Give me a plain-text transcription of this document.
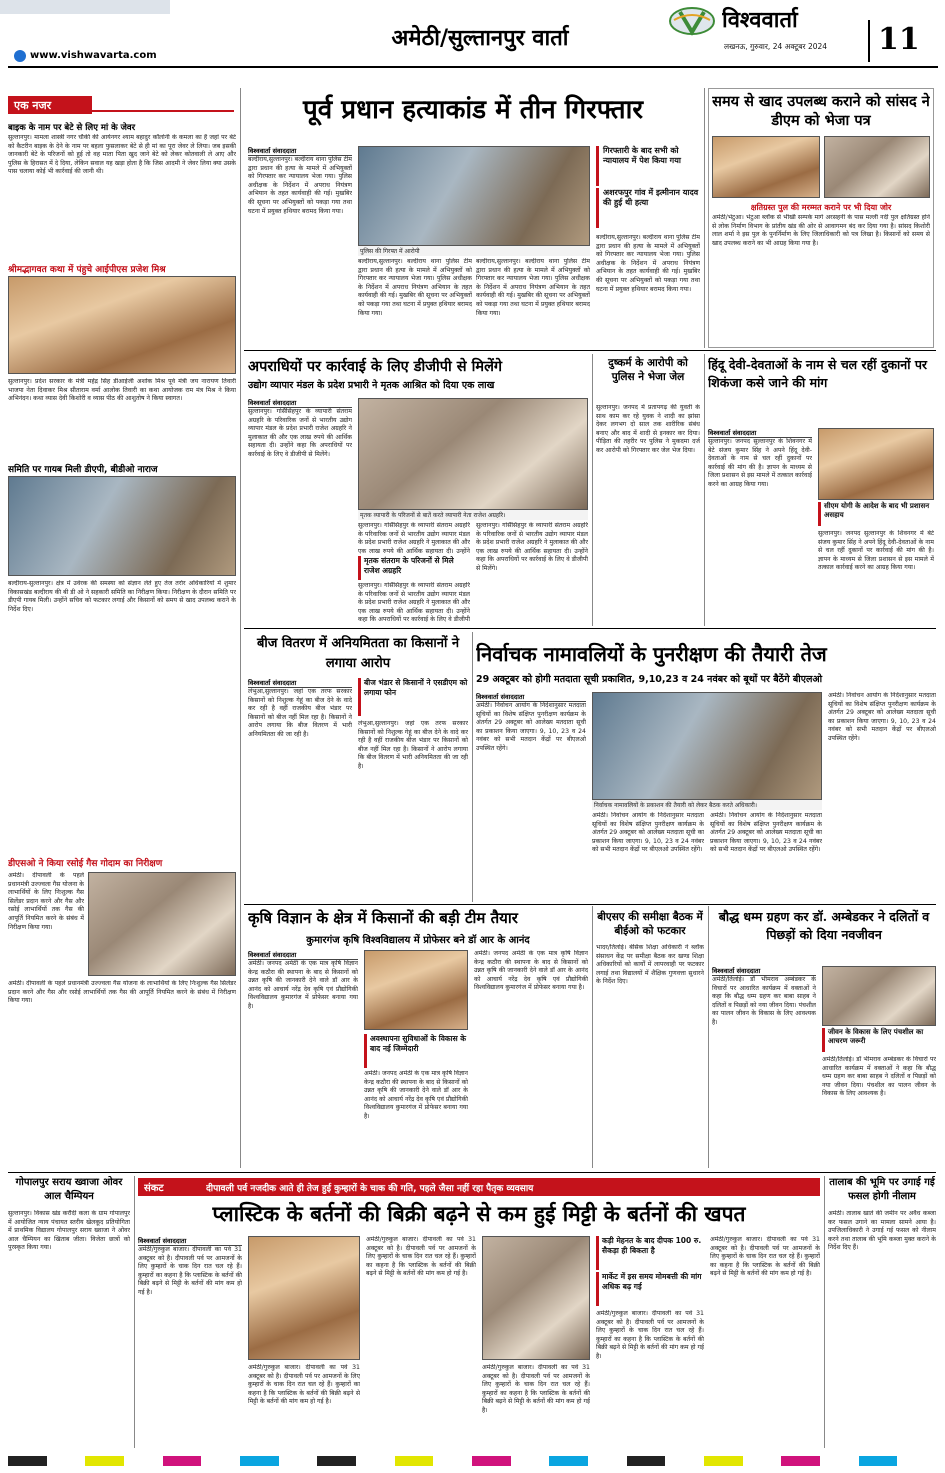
अमेठी/सुल्तानपुर वार्ता
विश्ववार्ता
लखनऊ, गुरुवार, 24 अक्टूबर 2024	11
www.vishwavarta.com
एक नजर
बाइक के नाम पर बेटे से लिए मां के जेवर
सुल्तानपुर। मामला शास्त्री नगर चौकी की आर्यनगर श्याम बहादुर कॉलोनी के कमला का है जहां पर बेटे को कैटरीन बाइक के देने के नाम पर बहला फुसलाकर बेटे से ही मां का पूरा जेवर ले लिया। जब इसकी जानकारी बेटे के परिजनों को हुई तो वह माता पिता खुद जाने बेटे को लेकर कोतवाली ले आए और पुलिस के हिरासत में दे दिया, लेकिन सवाल यह खड़ा होता है कि जिस आदमी ने जेवर लिया क्या उसके पास चलाया कोई भी कार्रवाई की जानी थी।
श्रीमद्भागवत कथा में पंहुचे आईपीएस प्रजेश मिश्र
सुल्तानपुर। प्रदेश सरकार के मंत्री महेंद्र सिंह डीआईजी अशोक मिश्र पूर्व मंत्री जय नारायण तिवारी भाजपा नेता दिवाकर मिश्र सीताराम वर्मा आलोक तिवारी का कथा आयोजक राम मंत्र मिश्र ने किया अभिनंदन। कथा व्यास देवी किशोरी व व्यास पीठ की आशुतोष ने किया स्वागत।
समिति पर गायब मिली डीएपी, बीडीओ नाराज
बल्दीराय-सुल्तानपुर। क्षेत्र में उर्वरक की समस्या को संज्ञान लेते हुए तेज तर्रार अधिकारियों में शुमार विकासखंड बल्दीराय की बी डी ओ ने सहकारी समिति का निरीक्षण किया। निरीक्षण के दौरान समिति पर डीएपी गायब मिली। उन्होंने सचिव को फटकार लगाई और किसानों को समय से खाद उपलब्ध कराने के निर्देश दिए।
डीएसओ ने किया रसोई गैस गोदाम का निरीक्षण
अमेठी। दीपावली के पहले प्रधानमंत्री उज्ज्वला गैस योजना के लाभार्थियों के लिए निःशुल्क गैस सिलेंडर प्रदान करने और गैस और रसोई लाभार्थियों तक गैस की आपूर्ति नियमित करने के संबंध में निरीक्षण किया गया।
अमेठी। दीपावली के पहले प्रधानमंत्री उज्ज्वला गैस योजना के लाभार्थियों के लिए निःशुल्क गैस सिलेंडर प्रदान करने और गैस और रसोई लाभार्थियों तक गैस की आपूर्ति नियमित करने के संबंध में निरीक्षण किया गया।
पूर्व प्रधान हत्याकांड में तीन गिरफ्तार
विश्ववार्ता संवाददाता
बल्दीराय,सुल्तानपुर। बल्दीराय थाना पुलिस टीम द्वारा प्रधान की हत्या के मामले में अभियुक्तों को गिरफ्तार कर न्यायालय भेजा गया। पुलिस अधीक्षक के निर्देशन में अपराध नियंत्रण अभियान के तहत कार्यवाही की गई। मुखबिर की सूचना पर अभियुक्तों को पकड़ा गया तथा घटना में प्रयुक्त हथियार बरामद किया गया।
पुलिस की गिरफ्त में आरोपी
बल्दीराय,सुल्तानपुर। बल्दीराय थाना पुलिस टीम द्वारा प्रधान की हत्या के मामले में अभियुक्तों को गिरफ्तार कर न्यायालय भेजा गया। पुलिस अधीक्षक के निर्देशन में अपराध नियंत्रण अभियान के तहत कार्यवाही की गई। मुखबिर की सूचना पर अभियुक्तों को पकड़ा गया तथा घटना में प्रयुक्त हथियार बरामद किया गया।
बल्दीराय,सुल्तानपुर। बल्दीराय थाना पुलिस टीम द्वारा प्रधान की हत्या के मामले में अभियुक्तों को गिरफ्तार कर न्यायालय भेजा गया। पुलिस अधीक्षक के निर्देशन में अपराध नियंत्रण अभियान के तहत कार्यवाही की गई। मुखबिर की सूचना पर अभियुक्तों को पकड़ा गया तथा घटना में प्रयुक्त हथियार बरामद किया गया।
गिरफ्तारी के बाद सभी को न्यायालय में पेश किया गया
अशरफपुर गांव में इत्मीनान यादव की हुई थी हत्या
बल्दीराय,सुल्तानपुर। बल्दीराय थाना पुलिस टीम द्वारा प्रधान की हत्या के मामले में अभियुक्तों को गिरफ्तार कर न्यायालय भेजा गया। पुलिस अधीक्षक के निर्देशन में अपराध नियंत्रण अभियान के तहत कार्यवाही की गई। मुखबिर की सूचना पर अभियुक्तों को पकड़ा गया तथा घटना में प्रयुक्त हथियार बरामद किया गया।
समय से खाद उपलब्ध कराने को सांसद ने डीएम को भेजा पत्र
क्षतिग्रस्त पुल की मरम्मत कराने पर भी दिया जोर
अमेठी/भेटुआ। भेटुआ ब्लॉक से भीखी सम्पर्क मार्ग अरसहनी के पास मल्ली नदी पुल क्षतिग्रस्त होने से लोक निर्माण विभाग के प्रांतीय खंड की ओर से आवागमन बंद कर दिया गया है। सांसद किशोरी लाल शर्मा ने इस पुल के पुनर्निर्माण के लिए जिलाधिकारी को पत्र लिखा है। किसानों को समय से खाद उपलब्ध कराने का भी आग्रह किया गया है।
अपराधियों पर कार्रवाई के लिए डीजीपी से मिलेंगे
उद्योग व्यापार मंडल के प्रदेश प्रभारी ने मृतक आश्रित को दिया एक लाख
विश्ववार्ता संवाददाता
सुल्तानपुर। गोसैंसिंहपुर के व्यापारी संतराम अग्रहरि के परिवारिक जनों से भारतीय उद्योग व्यापार मंडल के प्रदेश प्रभारी राजेश अग्रहरि ने मुलाकात की और एक लाख रुपये की आर्थिक सहायता दी। उन्होंने कहा कि अपराधियों पर कार्रवाई के लिए वे डीजीपी से मिलेंगे।
मृतक व्यापारी के परिजनों से बातें करते व्यापारी नेता राजेश अग्रहरि।
सुल्तानपुर। गोसैंसिंहपुर के व्यापारी संतराम अग्रहरि के परिवारिक जनों से भारतीय उद्योग व्यापार मंडल के प्रदेश प्रभारी राजेश अग्रहरि ने मुलाकात की और एक लाख रुपये की आर्थिक सहायता दी। उन्होंने
मृतक संतराम के परिजनों से मिले राजेश अग्रहरि
सुल्तानपुर। गोसैंसिंहपुर के व्यापारी संतराम अग्रहरि के परिवारिक जनों से भारतीय उद्योग व्यापार मंडल के प्रदेश प्रभारी राजेश अग्रहरि ने मुलाकात की और एक लाख रुपये की आर्थिक सहायता दी। उन्होंने कहा कि अपराधियों पर कार्रवाई के लिए वे डीजीपी
सुल्तानपुर। गोसैंसिंहपुर के व्यापारी संतराम अग्रहरि के परिवारिक जनों से भारतीय उद्योग व्यापार मंडल के प्रदेश प्रभारी राजेश अग्रहरि ने मुलाकात की और एक लाख रुपये की आर्थिक सहायता दी। उन्होंने कहा कि अपराधियों पर कार्रवाई के लिए वे डीजीपी से मिलेंगे।
दुष्कर्म के आरोपी को पुलिस ने भेजा जेल
सुल्तानपुर। जनपद में प्रतापगढ़ की युवती के साथ काम कर रहे युवक ने शादी का झांसा देकर लगभग दो साल तक शारीरिक संबंध बनाए और बाद में शादी से इनकार कर दिया। पीड़िता की तहरीर पर पुलिस ने मुकदमा दर्ज कर आरोपी को गिरफ्तार कर जेल भेज दिया।
हिंदू देवी-देवताओं के नाम से चल रहीं दुकानों पर शिकंजा कसे जाने की मांग
विश्ववार्ता संवाददाता
सुल्तानपुर। जनपद सुल्तानपुर के शिवनगर में बेटे संजय कुमार सिंह ने अपने हिंदू देवी-देवताओं के नाम से चल रहीं दुकानों पर कार्रवाई की मांग की है। ज्ञापन के माध्यम से जिला प्रशासन से इस मामले में तत्काल कार्रवाई करने का आग्रह किया गया।
सीएम योगी के आदेश के बाद भी प्रशासन असहाय
सुल्तानपुर। जनपद सुल्तानपुर के शिवनगर में बेटे संजय कुमार सिंह ने अपने हिंदू देवी-देवताओं के नाम से चल रहीं दुकानों पर कार्रवाई की मांग की है। ज्ञापन के माध्यम से जिला प्रशासन से इस मामले में तत्काल कार्रवाई करने का आग्रह किया गया।
बीज वितरण में अनियमितता का किसानों ने लगाया आरोप
विश्ववार्ता संवाददाता
लंभुआ,सुल्तानपुर। जहां एक तरफ सरकार किसानों को निशुल्क गेहूं का बीज देने के वादे कर रही है वहीं राजकीय बीज भंडार पर किसानों को बीज नहीं मिल रहा है। किसानों ने आरोप लगाया कि बीज वितरण में भारी अनियमितता की जा रही है।
बीज भंडार से किसानों ने एसडीएम को लगाया फोन
लंभुआ,सुल्तानपुर। जहां एक तरफ सरकार किसानों को निशुल्क गेहूं का बीज देने के वादे कर रही है वहीं राजकीय बीज भंडार पर किसानों को बीज नहीं मिल रहा है। किसानों ने आरोप लगाया कि बीज वितरण में भारी अनियमितता की जा रही है।
निर्वाचक नामावलियों के पुनरीक्षण की तैयारी तेज
29 अक्टूबर को होगी मतदाता सूची प्रकाशित, 9,10,23 व 24 नवंबर को बूथों पर बैठेंगे बीएलओ
विश्ववार्ता संवाददाता
अमेठी। निर्वाचन आयोग के निर्देशानुसार मतदाता सूचियों का विशेष संक्षिप्त पुनरीक्षण कार्यक्रम के अंतर्गत 29 अक्टूबर को आलेख्य मतदाता सूची का प्रकाशन किया जाएगा। 9, 10, 23 व 24 नवंबर को सभी मतदान केंद्रों पर बीएलओ उपस्थित रहेंगे।
निर्वाचक नामावलियों के प्रकाशन की तैयारी को लेकर बैठक करते अधिकारी।
अमेठी। निर्वाचन आयोग के निर्देशानुसार मतदाता सूचियों का विशेष संक्षिप्त पुनरीक्षण कार्यक्रम के अंतर्गत 29 अक्टूबर को आलेख्य मतदाता सूची का प्रकाशन किया जाएगा। 9, 10, 23 व 24 नवंबर को सभी मतदान केंद्रों पर बीएलओ उपस्थित रहेंगे।
अमेठी। निर्वाचन आयोग के निर्देशानुसार मतदाता सूचियों का विशेष संक्षिप्त पुनरीक्षण कार्यक्रम के अंतर्गत 29 अक्टूबर को आलेख्य मतदाता सूची का प्रकाशन किया जाएगा। 9, 10, 23 व 24 नवंबर को सभी मतदान केंद्रों पर बीएलओ उपस्थित रहेंगे।
अमेठी। निर्वाचन आयोग के निर्देशानुसार मतदाता सूचियों का विशेष संक्षिप्त पुनरीक्षण कार्यक्रम के अंतर्गत 29 अक्टूबर को आलेख्य मतदाता सूची का प्रकाशन किया जाएगा। 9, 10, 23 व 24 नवंबर को सभी मतदान केंद्रों पर बीएलओ उपस्थित रहेंगे।
कृषि विज्ञान के क्षेत्र में किसानों की बड़ी टीम तैयार
कुमारगंज कृषि विश्वविद्यालय में प्रोफेसर बने डॉ आर के आनंद
विश्ववार्ता संवाददाता
अमेठी। जनपद अमेठी के एक मात्र कृषि विज्ञान केन्द्र कठौरा की स्थापना के बाद से किसानों को उन्नत कृषि की जानकारी देने वाले डॉ आर के आनंद को आचार्य नरेंद्र देव कृषि एवं प्रौद्योगिकी विश्वविद्यालय कुमारगंज में प्रोफेसर बनाया गया है।
अवस्थापना सुविधाओं के विकास के बाद नई जिम्मेदारी
अमेठी। जनपद अमेठी के एक मात्र कृषि विज्ञान केन्द्र कठौरा की स्थापना के बाद से किसानों को उन्नत कृषि की जानकारी देने वाले डॉ आर के आनंद को आचार्य नरेंद्र देव कृषि एवं प्रौद्योगिकी विश्वविद्यालय कुमारगंज में प्रोफेसर बनाया गया है।
अमेठी। जनपद अमेठी के एक मात्र कृषि विज्ञान केन्द्र कठौरा की स्थापना के बाद से किसानों को उन्नत कृषि की जानकारी देने वाले डॉ आर के आनंद को आचार्य नरेंद्र देव कृषि एवं प्रौद्योगिकी विश्वविद्यालय कुमारगंज में प्रोफेसर बनाया गया है।
बीएसए की समीक्षा बैठक में बीईओ को फटकार
भादर/तिलोई। बेसिक शिक्षा अधिकारी ने ब्लॉक संसाधन केंद्र पर समीक्षा बैठक कर खण्ड शिक्षा अधिकारियों को कार्यों में लापरवाही पर फटकार लगाई तथा विद्यालयों में शैक्षिक गुणवत्ता सुधारने के निर्देश दिए।
बौद्ध धम्म ग्रहण कर डॉ. अम्बेडकर ने दलितों व पिछड़ों को दिया नवजीवन
विश्ववार्ता संवाददाता
अमेठी/तिलोई। डॉ भीमराव अम्बेडकर के विचारों पर आधारित कार्यक्रम में वक्ताओं ने कहा कि बौद्ध धम्म ग्रहण कर बाबा साहब ने दलितों व पिछड़ों को नया जीवन दिया। पंचशील का पालन जीवन के विकास के लिए आवश्यक है।
जीवन के विकास के लिए पंचशील का आचरण जरूरी
अमेठी/तिलोई। डॉ भीमराव अम्बेडकर के विचारों पर आधारित कार्यक्रम में वक्ताओं ने कहा कि बौद्ध धम्म ग्रहण कर बाबा साहब ने दलितों व पिछड़ों को नया जीवन दिया। पंचशील का पालन जीवन के विकास के लिए आवश्यक है।
गोपालपुर सराय ख्वाजा ओवर आल चैम्पियन
सुल्तानपुर। विकास खंड करौंदी कला के ग्राम गोपालपुर में आयोजित न्याय पंचायत स्तरीय खेलकूद प्रतियोगिता में प्राथमिक विद्यालय गोपालपुर सराय ख्वाजा ने ओवर आल चैम्पियन का खिताब जीता। विजेता छात्रों को पुरस्कृत किया गया।
संकट	दीपावली पर्व नजदीक आते ही तेज हुई कुम्हारों के चाक की गति, पहले जैसा नहीं रहा पैतृक व्यवसाय
प्लास्टिक के बर्तनों की बिक्री बढ़ने से कम हुई मिट्टी के बर्तनों की खपत
विश्ववार्ता संवाददाता
अमेठी/गुरुकुल बाजार। दीपावली का पर्व 31 अक्टूबर को है। दीपावली पर्व पर आमजनों के लिए कुम्हारों के चाक दिन रात चल रहे हैं। कुम्हारों का कहना है कि प्लास्टिक के बर्तनों की बिक्री बढ़ने से मिट्टी के बर्तनों की मांग कम हो गई है।
अमेठी/गुरुकुल बाजार। दीपावली का पर्व 31 अक्टूबर को है। दीपावली पर्व पर आमजनों के लिए कुम्हारों के चाक दिन रात चल रहे हैं। कुम्हारों का कहना है कि प्लास्टिक के बर्तनों की बिक्री बढ़ने से मिट्टी के बर्तनों की मांग कम हो गई है।
अमेठी/गुरुकुल बाजार। दीपावली का पर्व 31 अक्टूबर को है। दीपावली पर्व पर आमजनों के लिए कुम्हारों के चाक दिन रात चल रहे हैं। कुम्हारों का कहना है कि प्लास्टिक के बर्तनों की बिक्री बढ़ने से मिट्टी के बर्तनों की मांग कम हो गई है।
अमेठी/गुरुकुल बाजार। दीपावली का पर्व 31 अक्टूबर को है। दीपावली पर्व पर आमजनों के लिए कुम्हारों के चाक दिन रात चल रहे हैं। कुम्हारों का कहना है कि प्लास्टिक के बर्तनों की बिक्री बढ़ने से मिट्टी के बर्तनों की मांग कम हो गई है।
कड़ी मेहनत के बाद दीपक 100 रु. सैकड़ा ही बिकता है
मार्केट में इस समय मोमबत्ती की मांग अधिक बढ़ गई
अमेठी/गुरुकुल बाजार। दीपावली का पर्व 31 अक्टूबर को है। दीपावली पर्व पर आमजनों के लिए कुम्हारों के चाक दिन रात चल रहे हैं। कुम्हारों का कहना है कि प्लास्टिक के बर्तनों की बिक्री बढ़ने से मिट्टी के बर्तनों की मांग कम हो गई है।
अमेठी/गुरुकुल बाजार। दीपावली का पर्व 31 अक्टूबर को है। दीपावली पर्व पर आमजनों के लिए कुम्हारों के चाक दिन रात चल रहे हैं। कुम्हारों का कहना है कि प्लास्टिक के बर्तनों की बिक्री बढ़ने से मिट्टी के बर्तनों की मांग कम हो गई है।
तालाब की भूमि पर उगाई गई फसल होगी नीलाम
अमेठी। तालाब खाते की जमीन पर अवैध कब्जा कर फसल उगाने का मामला सामने आया है। उपजिलाधिकारी ने उगाई गई फसल को नीलाम करने तथा तालाब की भूमि कब्जा मुक्त कराने के निर्देश दिए हैं।
